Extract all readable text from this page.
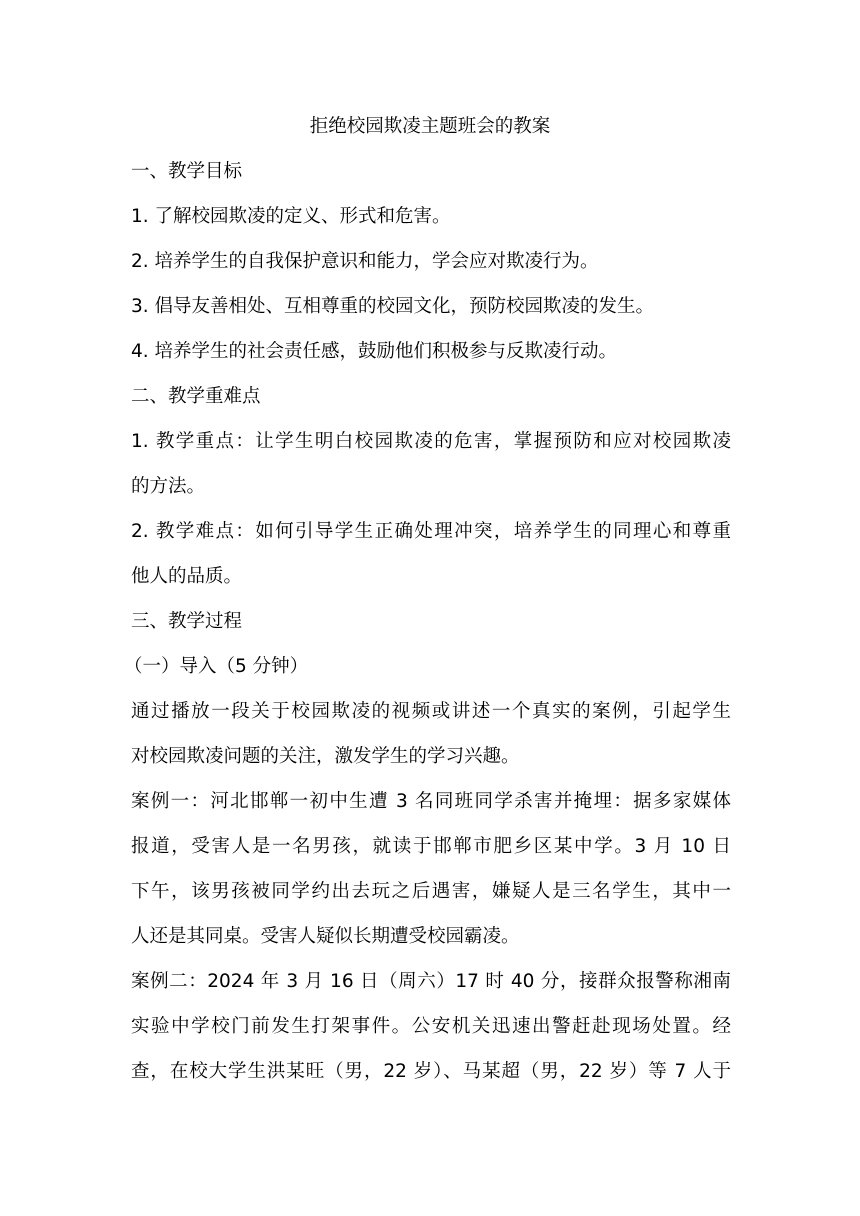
拒绝校园欺凌主题班会的教案
一、教学目标
1. 了解校园欺凌的定义、形式和危害。
2. 培养学生的自我保护意识和能力，学会应对欺凌行为。
3. 倡导友善相处、互相尊重的校园文化，预防校园欺凌的发生。
4. 培养学生的社会责任感，鼓励他们积极参与反欺凌行动。
二、教学重难点
1. 教学重点：让学生明白校园欺凌的危害，掌握预防和应对校园欺凌
的方法。
2. 教学难点：如何引导学生正确处理冲突，培养学生的同理心和尊重
他人的品质。
三、教学过程
（一）导入（5 分钟）
通过播放一段关于校园欺凌的视频或讲述一个真实的案例，引起学生
对校园欺凌问题的关注，激发学生的学习兴趣。
案例一：河北邯郸一初中生遭 3 名同班同学杀害并掩埋：据多家媒体
报道，受害人是一名男孩，就读于邯郸市肥乡区某中学。3 月 10 日
下午，该男孩被同学约出去玩之后遇害，嫌疑人是三名学生，其中一
人还是其同桌。受害人疑似长期遭受校园霸凌。
案例二：2024 年 3 月 16 日（周六）17 时 40 分，接群众报警称湘南
实验中学校门前发生打架事件。公安机关迅速出警赶赴现场处置。经
查，在校大学生洪某旺（男，22 岁）、马某超（男，22 岁）等 7 人于
